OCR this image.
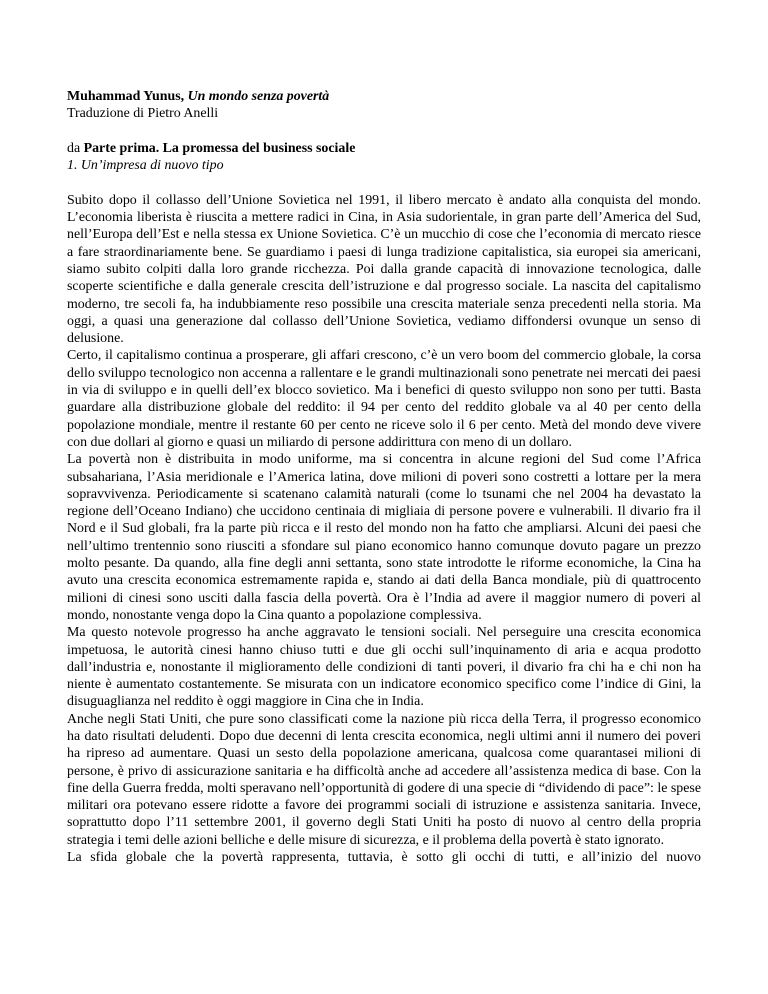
Muhammad Yunus, Un mondo senza povertà
Traduzione di Pietro Anelli
da Parte prima. La promessa del business sociale
1. Un’impresa di nuovo tipo
Subito dopo il collasso dell’Unione Sovietica nel 1991, il libero mercato è andato alla conquista del mondo. L’economia liberista è riuscita a mettere radici in Cina, in Asia sudorientale, in gran parte dell’America del Sud, nell’Europa dell’Est e nella stessa ex Unione Sovietica. C’è un mucchio di cose che l’economia di mercato riesce a fare straordinariamente bene. Se guardiamo i paesi di lunga tradizione capitalistica, sia europei sia americani, siamo subito colpiti dalla loro grande ricchezza. Poi dalla grande capacità di innovazione tecnologica, dalle scoperte scientifiche e dalla generale crescita dell’istruzione e dal progresso sociale. La nascita del capitalismo moderno, tre secoli fa, ha indubbiamente reso possibile una crescita materiale senza precedenti nella storia. Ma oggi, a quasi una generazione dal collasso dell’Unione Sovietica, vediamo diffondersi ovunque un senso di delusione.
Certo, il capitalismo continua a prosperare, gli affari crescono, c’è un vero boom del commercio globale, la corsa dello sviluppo tecnologico non accenna a rallentare e le grandi multinazionali sono penetrate nei mercati dei paesi in via di sviluppo e in quelli dell’ex blocco sovietico. Ma i benefici di questo sviluppo non sono per tutti. Basta guardare alla distribuzione globale del reddito: il 94 per cento del reddito globale va al 40 per cento della popolazione mondiale, mentre il restante 60 per cento ne riceve solo il 6 per cento. Metà del mondo deve vivere con due dollari al giorno e quasi un miliardo di persone addirittura con meno di un dollaro.
La povertà non è distribuita in modo uniforme, ma si concentra in alcune regioni del Sud come l’Africa subsahariana, l’Asia meridionale e l’America latina, dove milioni di poveri sono costretti a lottare per la mera sopravvivenza. Periodicamente si scatenano calamità naturali (come lo tsunami che nel 2004 ha devastato la regione dell’Oceano Indiano) che uccidono centinaia di migliaia di persone povere e vulnerabili. Il divario fra il Nord e il Sud globali, fra la parte più ricca e il resto del mondo non ha fatto che ampliarsi. Alcuni dei paesi che nell’ultimo trentennio sono riusciti a sfondare sul piano economico hanno comunque dovuto pagare un prezzo molto pesante. Da quando, alla fine degli anni settanta, sono state introdotte le riforme economiche, la Cina ha avuto una crescita economica estremamente rapida e, stando ai dati della Banca mondiale, più di quattrocento milioni di cinesi sono usciti dalla fascia della povertà. Ora è l’India ad avere il maggior numero di poveri al mondo, nonostante venga dopo la Cina quanto a popolazione complessiva.
Ma questo notevole progresso ha anche aggravato le tensioni sociali. Nel perseguire una crescita economica impetuosa, le autorità cinesi hanno chiuso tutti e due gli occhi sull’inquinamento di aria e acqua prodotto dall’industria e, nonostante il miglioramento delle condizioni di tanti poveri, il divario fra chi ha e chi non ha niente è aumentato costantemente. Se misurata con un indicatore economico specifico come l’indice di Gini, la disuguaglianza nel reddito è oggi maggiore in Cina che in India.
Anche negli Stati Uniti, che pure sono classificati come la nazione più ricca della Terra, il progresso economico ha dato risultati deludenti. Dopo due decenni di lenta crescita economica, negli ultimi anni il numero dei poveri ha ripreso ad aumentare. Quasi un sesto della popolazione americana, qualcosa come quarantasei milioni di persone, è privo di assicurazione sanitaria e ha difficoltà anche ad accedere all’assistenza medica di base. Con la fine della Guerra fredda, molti speravano nell’opportunità di godere di una specie di “dividendo di pace”: le spese militari ora potevano essere ridotte a favore dei programmi sociali di istruzione e assistenza sanitaria. Invece, soprattutto dopo l’11 settembre 2001, il governo degli Stati Uniti ha posto di nuovo al centro della propria strategia i temi delle azioni belliche e delle misure di sicurezza, e il problema della povertà è stato ignorato.
La sfida globale che la povertà rappresenta, tuttavia, è sotto gli occhi di tutti, e all’inizio del nuovo
